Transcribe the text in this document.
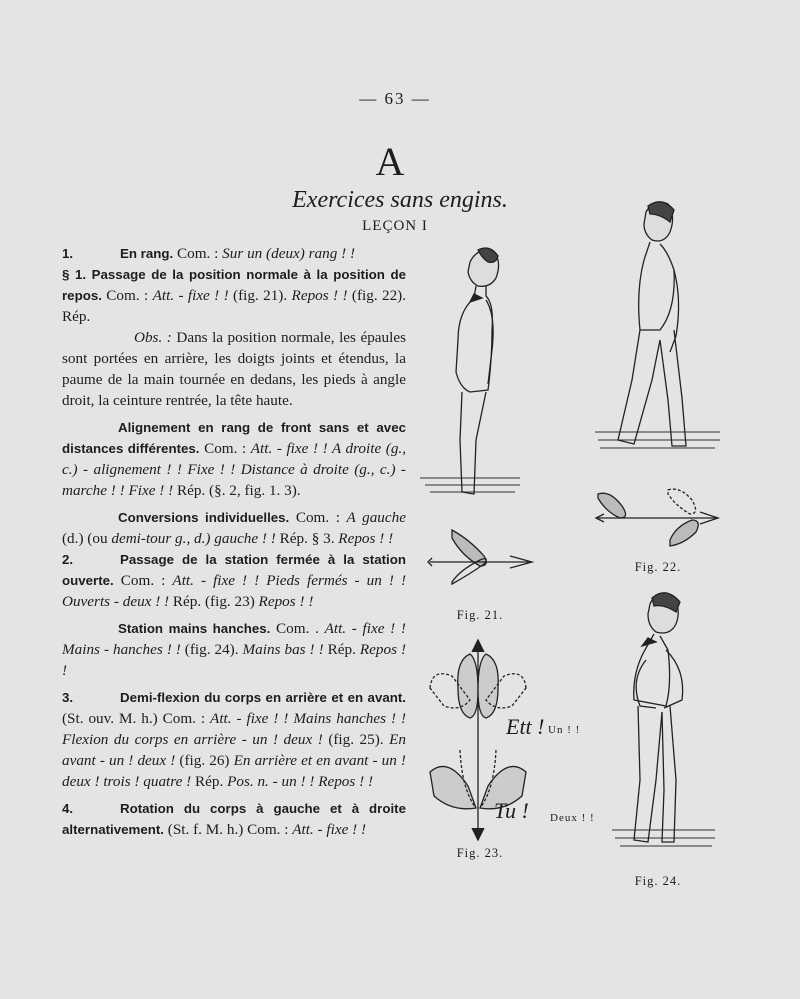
— 63 —
A
Exercices sans engins.
LEÇON I

1.	En rang. Com. : Sur un (deux) rang ! !

§ 1. Passage de la position normale à la position de repos. Com. : Att. - fixe ! ! (fig. 21). Repos ! ! (fig. 22). Rép.

Obs. : Dans la position normale, les épaules sont portées en arrière, les doigts joints et étendus, la paume de la main tournée en dedans, les pieds à angle droit, la ceinture rentrée, la tête haute.

Alignement en rang de front sans et avec distances différentes. Com. : Att. - fixe ! ! A droite (g., c.) - alignement ! ! Fixe ! ! Distance à droite (g., c.) - marche ! ! Fixe ! ! Rép. (§. 2, fig. 1. 3).

Conversions individuelles. Com. : A gauche (d.) (ou demi-tour g., d.) gauche ! ! Rép. § 3. Repos ! !

2.	Passage de la station fermée à la station ouverte. Com. : Att. - fixe ! ! Pieds fermés - un ! ! Ouverts - deux ! ! Rép. (fig. 23) Repos ! !

Station mains hanches. Com. . Att. - fixe ! ! Mains - hanches ! ! (fig. 24). Mains bas ! ! Rép. Repos ! !

3.	Demi-flexion du corps en arrière et en avant. (St. ouv. M. h.) Com. : Att. - fixe ! ! Mains hanches ! ! Flexion du corps en arrière - un ! deux ! (fig. 25). En avant - un ! deux ! (fig. 26) En arrière et en avant - un ! deux ! trois ! quatre ! Rép. Pos. n. - un ! ! Repos ! !

4.	Rotation du corps à gauche et à droite alternativement. (St. f. M. h.) Com. : Att. - fixe ! !

Ett ! Un ! !
Tu ! Deux ! !
Fig. 21.
Fig. 22.
Fig. 23.
Fig. 24.
